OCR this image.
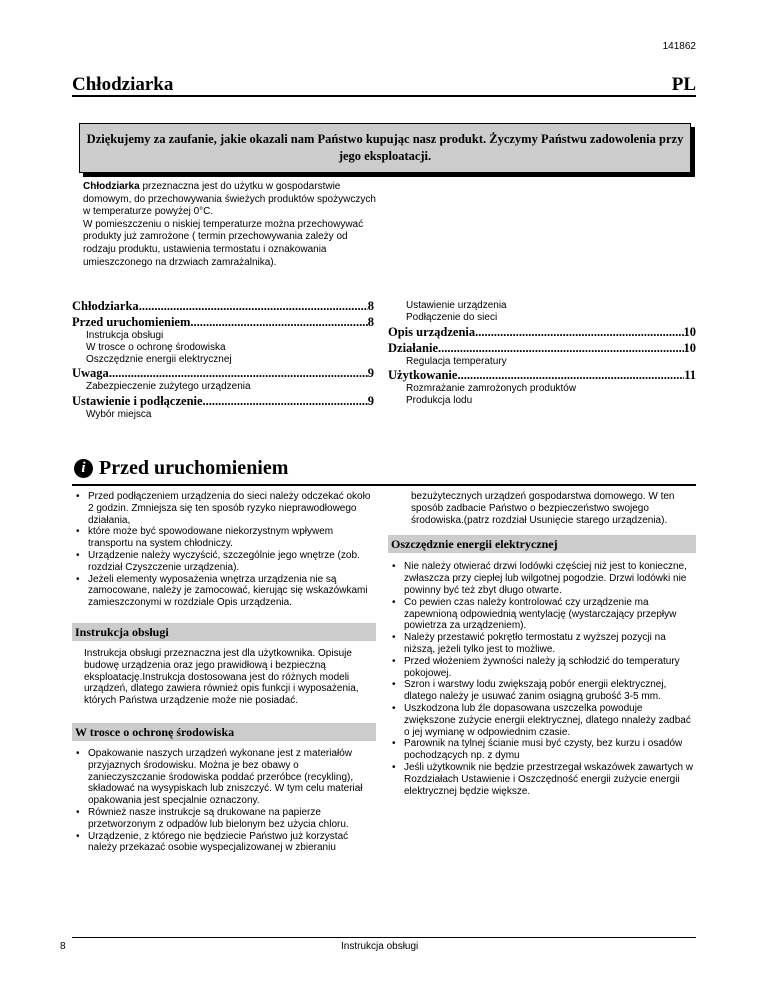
141862
Chłodziarka	PL
Dziękujemy za zaufanie, jakie okazali nam Państwo kupując nasz produkt. Życzymy Państwu zadowolenia przy jego eksploatacji.

Chłodziarka przeznaczna jest do użytku w gospodarstwie domowym, do przechowywania świeżych produktów spożywczych w temperaturze powyżej 0°C.

W pomieszczeniu o niskiej temperaturze można przechowywać produkty już zamrożone ( termin przechowywania zależy od rodzaju produktu, ustawienia termostatu i oznakowania umieszczonego na drzwiach zamrażalnika).

Chłodziarka .....	8
Przed uruchomieniem .....	8
Instrukcja obsługi
W trosce o ochronę środowiska
Oszczędznie energii elektrycznej
Uwaga .....	9
Zabezpieczenie zużytego urządzenia
Ustawienie i podłączenie .....	9
Wybór miejsca
Ustawienie urządzenia
Podłączenie do sieci
Opis urządzenia .....	10
Działanie .....	10
Regulacja temperatury
Użytkowanie .....	11
Rozmrażanie zamrożonych produktów
Produkcja lodu
i Przed uruchomieniem
• Przed podłączeniem urządzenia do sieci należy odczekać około 2 godzin. Zmniejsza się ten sposób ryzyko nieprawodłowego działania,
• które może być spowodowane niekorzystnym wpływem transportu na system chłodniczy.
• Urządzenie należy wyczyścić, szczególnie jego wnętrze (zob. rozdział Czyszczenie urządzenia).
• Jeżeli elementy wyposażenia wnętrza urządzenia nie są zamocowane, należy je zamocować, kierując się wskazówkami zamieszczonymi w rozdziale Opis urządzenia.
Instrukcja obsługi

Instrukcja obsługi przeznaczna jest dla użytkownika. Opisuje budowę urządzenia oraz jego prawidłową i bezpieczną eksploatację.Instrukcja dostosowana jest do różnych modeli urządzeń, dlatego zawiera również opis funkcji i wyposażenia, których Państwa urządzenie może nie posiadać.

W trosce o ochronę środowiska
• Opakowanie naszych urządzeń wykonane jest z materiałów przyjaznych środowisku. Można je bez obawy o zanieczyszczanie środowiska poddać przeróbce (recykling), składować na wysypiskach lub zniszczyć. W tym celu materiał opakowania jest specjalnie oznaczony.
• Również nasze instrukcje są drukowane na papierze przetworzonym z odpadów lub bielonym bez użycia chloru.
• Urządzenie, z którego nie będziecie Państwo już korzystać należy przekazać osobie wyspecjalizowanej w zbieraniu

bezużytecznych urządzeń gospodarstwa domowego. W ten sposób zadbacie Państwo o bezpieczeństwo swojego środowiska.(patrz rozdział Usunięcie starego urządzenia).

Oszczędznie energii elektrycznej
• Nie należy otwierać drzwi lodówki częściej niż jest to konieczne, zwłaszcza przy ciepłej lub wilgotnej pogodzie. Drzwi lodówki nie powinny być też zbyt długo otwarte.
• Co pewien czas należy kontrolować czy urządzenie ma zapewnioną odpowiednią wentylację (wystarczający przepływ powietrza za urządzeniem).
• Należy przestawić pokrętło termostatu z wyższej pozycji na niższą, jeżeli tylko jest to możliwe.
• Przed włożeniem żywności należy ją schłodzić do temperatury pokojowej.
• Szron i warstwy lodu zwiększają pobór energii elektrycznej, dlatego należy je usuwać zanim osiągną grubość 3-5 mm.
• Uszkodzona lub źle dopasowana uszczelka powoduje zwiększone zużycie energii elektrycznej, dlatego nnależy zadbać o jej wymianę w odpowiednim czasie.
• Parownik na tylnej ścianie musi być czysty, bez kurzu i osadów pochodzących np. z dymu
• Jeśli użytkownik nie będzie przestrzegał wskazówek zawartych w Rozdziałach Ustawienie i Oszczędność energii zużycie energii elektrycznej będzie większe.
8	Instrukcja obsługi
